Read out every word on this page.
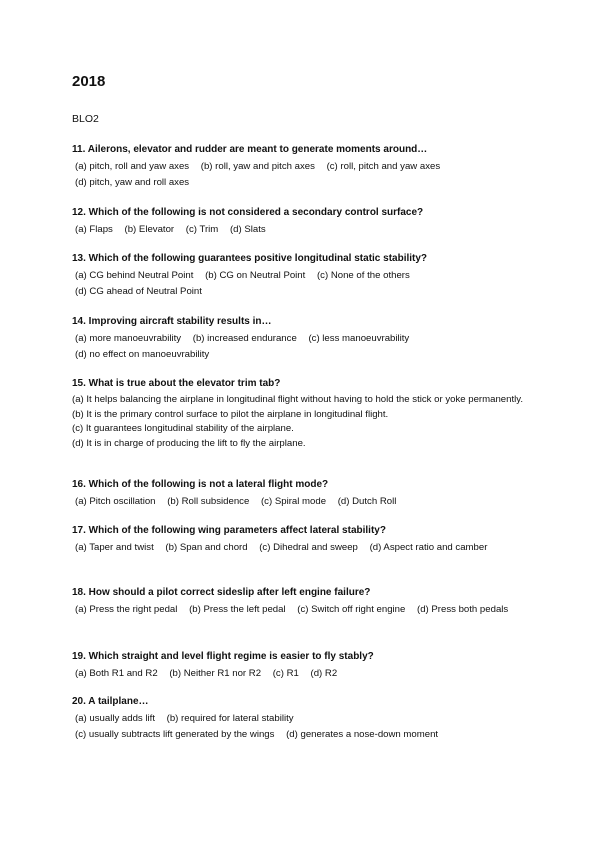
2018
BLO2

11. Ailerons, elevator and rudder are meant to generate moments around…

(a) pitch, roll and yaw axes (b) roll, yaw and pitch axes (c) roll, pitch and yaw axes (d) pitch, yaw and roll axes

12. Which of the following is not considered a secondary control surface?

(a) Flaps (b) Elevator (c) Trim (d) Slats

13. Which of the following guarantees positive longitudinal static stability?

(a) CG behind Neutral Point (b) CG on Neutral Point (c) None of the others (d) CG ahead of Neutral Point

14. Improving aircraft stability results in…

(a) more manoeuvrability (b) increased endurance (c) less manoeuvrability (d) no effect on manoeuvrability

15. What is true about the elevator trim tab?

(a) It helps balancing the airplane in longitudinal flight without having to hold the stick or yoke permanently.

(b) It is the primary control surface to pilot the airplane in longitudinal flight.

(c) It guarantees longitudinal stability of the airplane.

(d) It is in charge of producing the lift to fly the airplane.

16. Which of the following is not a lateral flight mode?

(a) Pitch oscillation (b) Roll subsidence (c) Spiral mode (d) Dutch Roll

17. Which of the following wing parameters affect lateral stability?

(a) Taper and twist (b) Span and chord (c) Dihedral and sweep (d) Aspect ratio and camber

18. How should a pilot correct sideslip after left engine failure?

(a) Press the right pedal (b) Press the left pedal (c) Switch off right engine (d) Press both pedals

19. Which straight and level flight regime is easier to fly stably?

(a) Both R1 and R2 (b) Neither R1 nor R2 (c) R1 (d) R2

20. A tailplane…

(a) usually adds lift (b) required for lateral stability

(c) usually subtracts lift generated by the wings (d) generates a nose-down moment
